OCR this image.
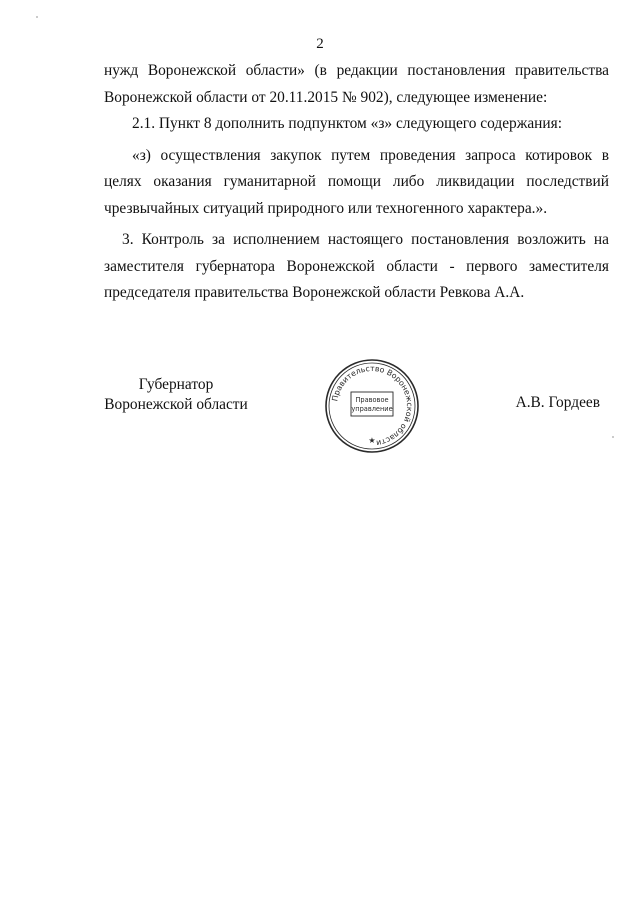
2

нужд Воронежской области» (в редакции постановления правительства

Воронежской области от 20.11.2015 № 902), следующее изменение:

2.1. Пункт 8 дополнить подпунктом «з» следующего содержания:

«з) осуществления закупок путем проведения запроса котировок в

целях оказания гуманитарной помощи либо ликвидации последствий

чрезвычайных ситуаций природного или техногенного характера.».

3. Контроль за исполнением настоящего постановления возложить на

заместителя губернатора Воронежской области - первого заместителя

председателя правительства Воронежской области Ревкова А.А.

Губернатор
Воронежской области	Правительство Воронежской области
Правовое
управление
★
А.В. Гордеев
